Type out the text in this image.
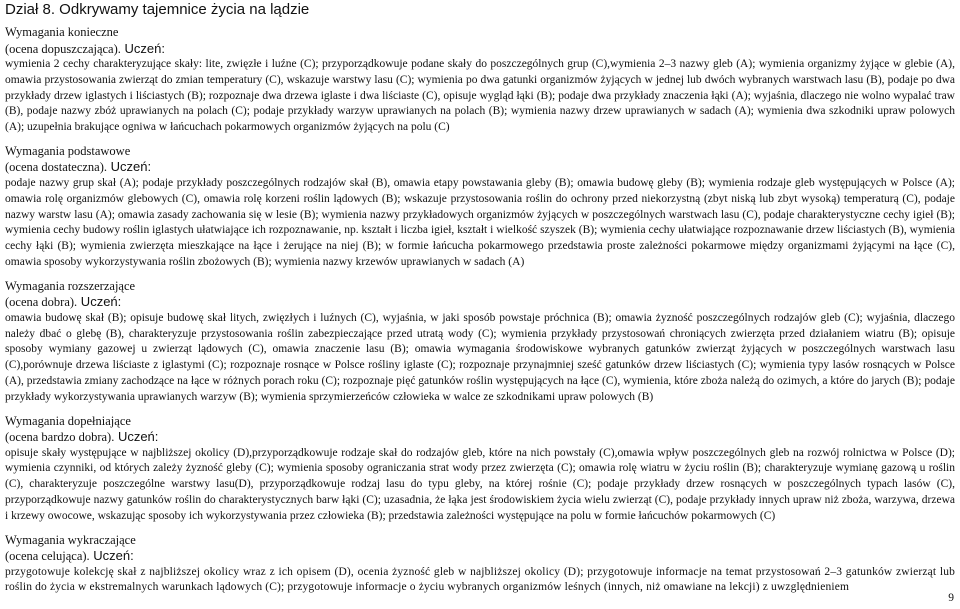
Dział 8. Odkrywamy tajemnice życia na lądzie

Wymagania konieczne

(ocena dopuszczająca). Uczeń:

wymienia 2 cechy charakteryzujące skały: lite, zwięzłe i luźne (C); przyporządkowuje podane skały do poszczególnych grup (C),wymienia 2–3 nazwy gleb (A); wymienia organizmy żyjące w glebie (A), omawia przystosowania zwierząt do zmian temperatury (C), wskazuje warstwy lasu (C); wymienia po dwa gatunki organizmów żyjących w jednej lub dwóch wybranych warstwach lasu (B), podaje po dwa przykłady drzew iglastych i liściastych (B); rozpoznaje dwa drzewa iglaste i dwa liściaste (C), opisuje wygląd łąki (B); podaje dwa przykłady znaczenia łąki (A); wyjaśnia, dlaczego nie wolno wypalać traw (B), podaje nazwy zbóż uprawianych na polach (C); podaje przykłady warzyw uprawianych na polach (B); wymienia nazwy drzew uprawianych w sadach (A); wymienia dwa szkodniki upraw polowych (A); uzupełnia brakujące ogniwa w łańcuchach pokarmowych organizmów żyjących na polu (C)

Wymagania podstawowe

(ocena dostateczna). Uczeń:

podaje nazwy grup skał (A); podaje przykłady poszczególnych rodzajów skał (B), omawia etapy powstawania gleby (B); omawia budowę gleby (B); wymienia rodzaje gleb występujących w Polsce (A); omawia rolę organizmów glebowych (C), omawia rolę korzeni roślin lądowych (B); wskazuje przystosowania roślin do ochrony przed niekorzystną (zbyt niską lub zbyt wysoką) temperaturą (C), podaje nazwy warstw lasu (A); omawia zasady zachowania się w lesie (B); wymienia nazwy przykładowych organizmów żyjących w poszczególnych warstwach lasu (C), podaje charakterystyczne cechy igieł (B); wymienia cechy budowy roślin iglastych ułatwiające ich rozpoznawanie, np. kształt i liczba igieł, kształt i wielkość szyszek (B); wymienia cechy ułatwiające rozpoznawanie drzew liściastych (B), wymienia cechy łąki (B); wymienia zwierzęta mieszkające na łące i żerujące na niej (B); w formie łańcucha pokarmowego przedstawia proste zależności pokarmowe między organizmami żyjącymi na łące (C), omawia sposoby wykorzystywania roślin zbożowych (B); wymienia nazwy krzewów uprawianych w sadach (A)

Wymagania rozszerzające

(ocena dobra). Uczeń:

omawia budowę skał (B); opisuje budowę skał litych, zwięzłych i luźnych (C), wyjaśnia, w jaki sposób powstaje próchnica (B); omawia żyzność poszczególnych rodzajów gleb (C); wyjaśnia, dlaczego należy dbać o glebę (B), charakteryzuje przystosowania roślin zabezpieczające przed utratą wody (C); wymienia przykłady przystosowań chroniących zwierzęta przed działaniem wiatru (B); opisuje sposoby wymiany gazowej u zwierząt lądowych (C), omawia znaczenie lasu (B); omawia wymagania środowiskowe wybranych gatunków zwierząt żyjących w poszczególnych warstwach lasu (C),porównuje drzewa liściaste z iglastymi (C); rozpoznaje rosnące w Polsce rośliny iglaste (C); rozpoznaje przynajmniej sześć gatunków drzew liściastych (C); wymienia typy lasów rosnących w Polsce (A), przedstawia zmiany zachodzące na łące w różnych porach roku (C); rozpoznaje pięć gatunków roślin występujących na łące (C), wymienia, które zboża należą do ozimych, a które do jarych (B); podaje przykłady wykorzystywania uprawianych warzyw (B); wymienia sprzymierzeńców człowieka w walce ze szkodnikami upraw polowych (B)

Wymagania dopełniające

(ocena bardzo dobra). Uczeń:

opisuje skały występujące w najbliższej okolicy (D),przyporządkowuje rodzaje skał do rodzajów gleb, które na nich powstały (C),omawia wpływ poszczególnych gleb na rozwój rolnictwa w Polsce (D); wymienia czynniki, od których zależy żyzność gleby (C); wymienia sposoby ograniczania strat wody przez zwierzęta (C); omawia rolę wiatru w życiu roślin (B); charakteryzuje wymianę gazową u roślin (C), charakteryzuje poszczególne warstwy lasu(D), przyporządkowuje rodzaj lasu do typu gleby, na której rośnie (C); podaje przykłady drzew rosnących w poszczególnych typach lasów (C), przyporządkowuje nazwy gatunków roślin do charakterystycznych barw łąki (C); uzasadnia, że łąka jest środowiskiem życia wielu zwierząt (C), podaje przykłady innych upraw niż zboża, warzywa, drzewa i krzewy owocowe, wskazując sposoby ich wykorzystywania przez człowieka (B); przedstawia zależności występujące na polu w formie łańcuchów pokarmowych (C)

Wymagania wykraczające

(ocena celująca). Uczeń:

przygotowuje kolekcję skał z najbliższej okolicy wraz z ich opisem (D), ocenia żyzność gleb w najbliższej okolicy (D); przygotowuje informacje na temat przystosowań 2–3 gatunków zwierząt lub roślin do życia w ekstremalnych warunkach lądowych (C); przygotowuje informacje o życiu wybranych organizmów leśnych (innych, niż omawiane na lekcji) z uwzględnieniem

9
